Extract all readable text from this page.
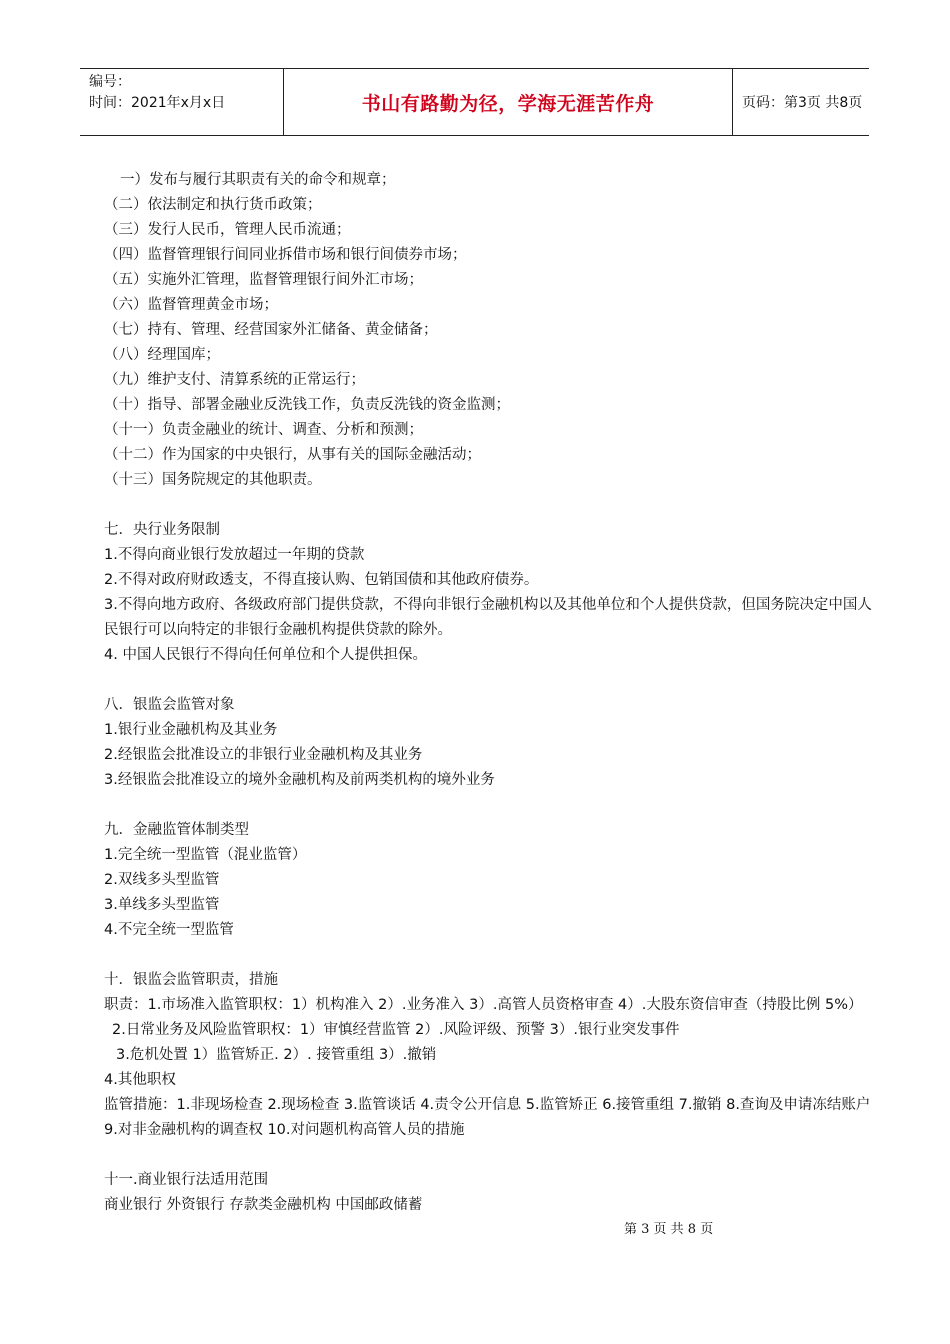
编号：
时间：2021年x月x日	书山有路勤为径，学海无涯苦作舟	页码：第3页 共8页
一）发布与履行其职责有关的命令和规章；
（二）依法制定和执行货币政策；
（三）发行人民币，管理人民币流通；
（四）监督管理银行间同业拆借市场和银行间债券市场；
（五）实施外汇管理，监督管理银行间外汇市场；
（六）监督管理黄金市场；
（七）持有、管理、经营国家外汇储备、黄金储备；
（八）经理国库；
（九）维护支付、清算系统的正常运行；
（十）指导、部署金融业反洗钱工作，负责反洗钱的资金监测；
（十一）负责金融业的统计、调查、分析和预测；
（十二）作为国家的中央银行，从事有关的国际金融活动；
（十三）国务院规定的其他职责。
七．央行业务限制
1.不得向商业银行发放超过一年期的贷款
2.不得对政府财政透支，不得直接认购、包销国债和其他政府债券。
3.不得向地方政府、各级政府部门提供贷款，不得向非银行金融机构以及其他单位和个人提供贷款，但国务院决定中国人民银行可以向特定的非银行金融机构提供贷款的除外。
4. 中国人民银行不得向任何单位和个人提供担保。
八．银监会监管对象
1.银行业金融机构及其业务
2.经银监会批准设立的非银行业金融机构及其业务
3.经银监会批准设立的境外金融机构及前两类机构的境外业务
九．金融监管体制类型
1.完全统一型监管（混业监管）
2.双线多头型监管
3.单线多头型监管
4.不完全统一型监管
十．银监会监管职责，措施
职责：1.市场准入监管职权：1）机构准入 2）.业务准入 3）.高管人员资格审查 4）.大股东资信审查（持股比例 5%）
2.日常业务及风险监管职权：1）审慎经营监管 2）.风险评级、预警 3）.银行业突发事件
3.危机处置 1）监管矫正. 2）. 接管重组 3）.撤销
4.其他职权
监管措施：1.非现场检查 2.现场检查 3.监管谈话 4.责令公开信息 5.监管矫正 6.接管重组 7.撤销 8.查询及申请冻结账户 9.对非金融机构的调查权 10.对问题机构高管人员的措施
十一.商业银行法适用范围
商业银行 外资银行 存款类金融机构 中国邮政储蓄
第 3 页 共 8 页
